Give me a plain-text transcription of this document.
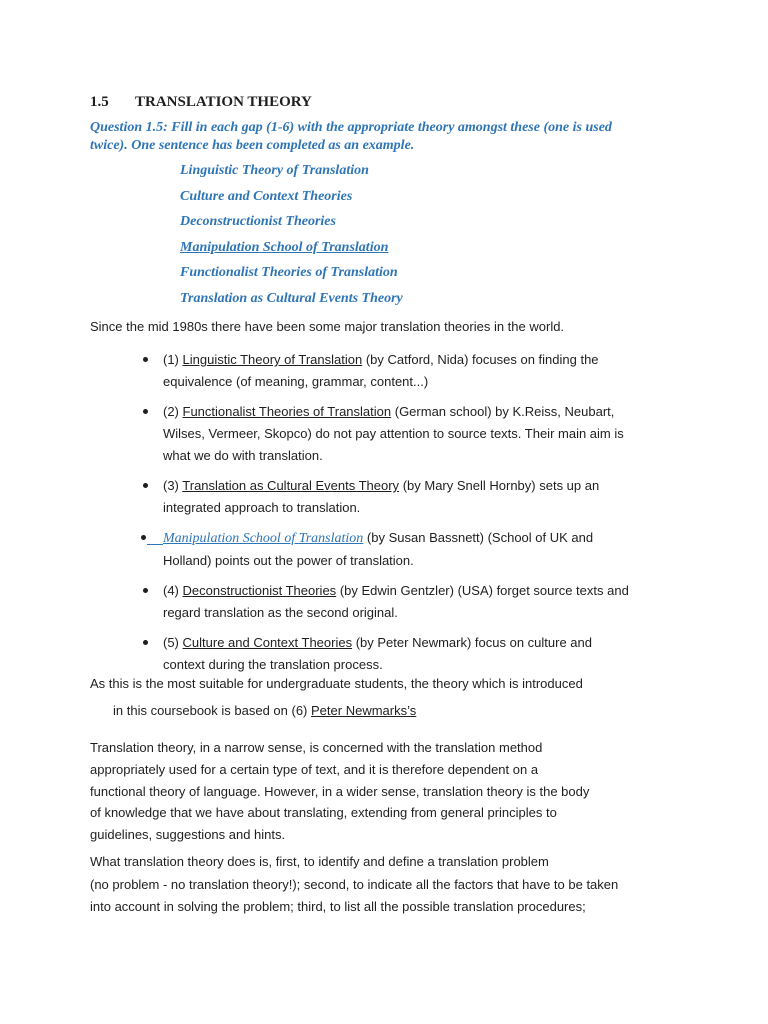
1.5 TRANSLATION THEORY
Question 1.5: Fill in each gap (1-6) with the appropriate theory amongst these (one is used
twice). One sentence has been completed as an example.
Linguistic Theory of Translation
Culture and Context Theories
Deconstructionist Theories
Manipulation School of Translation
Functionalist Theories of Translation
Translation as Cultural Events Theory
Since the mid 1980s there have been some major translation theories in the world.
(1) Linguistic Theory of Translation (by Catford, Nida) focuses on finding the
equivalence (of meaning, grammar, content...)
(2) Functionalist Theories of Translation (German school) by K.Reiss, Neubart,
Wilses, Vermeer, Skopco) do not pay attention to source texts. Their main aim is
what we do with translation.
(3) Translation as Cultural Events Theory (by Mary Snell Hornby) sets up an
integrated approach to translation.
Manipulation School of Translation (by Susan Bassnett) (School of UK and
Holland) points out the power of translation.
(4) Deconstructionist Theories (by Edwin Gentzler) (USA) forget source texts and
regard translation as the second original.
(5) Culture and Context Theories (by Peter Newmark) focus on culture and
context during the translation process.
As this is the most suitable for undergraduate students, the theory which is introduced
in this coursebook is based on (6) Peter Newmarks’s
Translation theory, in a narrow sense, is concerned with the translation method
appropriately used for a certain type of text, and it is therefore dependent on a
functional theory of language. However, in a wider sense, translation theory is the body
of knowledge that we have about translating, extending from general principles to
guidelines, suggestions and hints.
What translation theory does is, first, to identify and define a translation problem
(no problem - no translation theory!); second, to indicate all the factors that have to be taken
into account in solving the problem; third, to list all the possible translation procedures;
